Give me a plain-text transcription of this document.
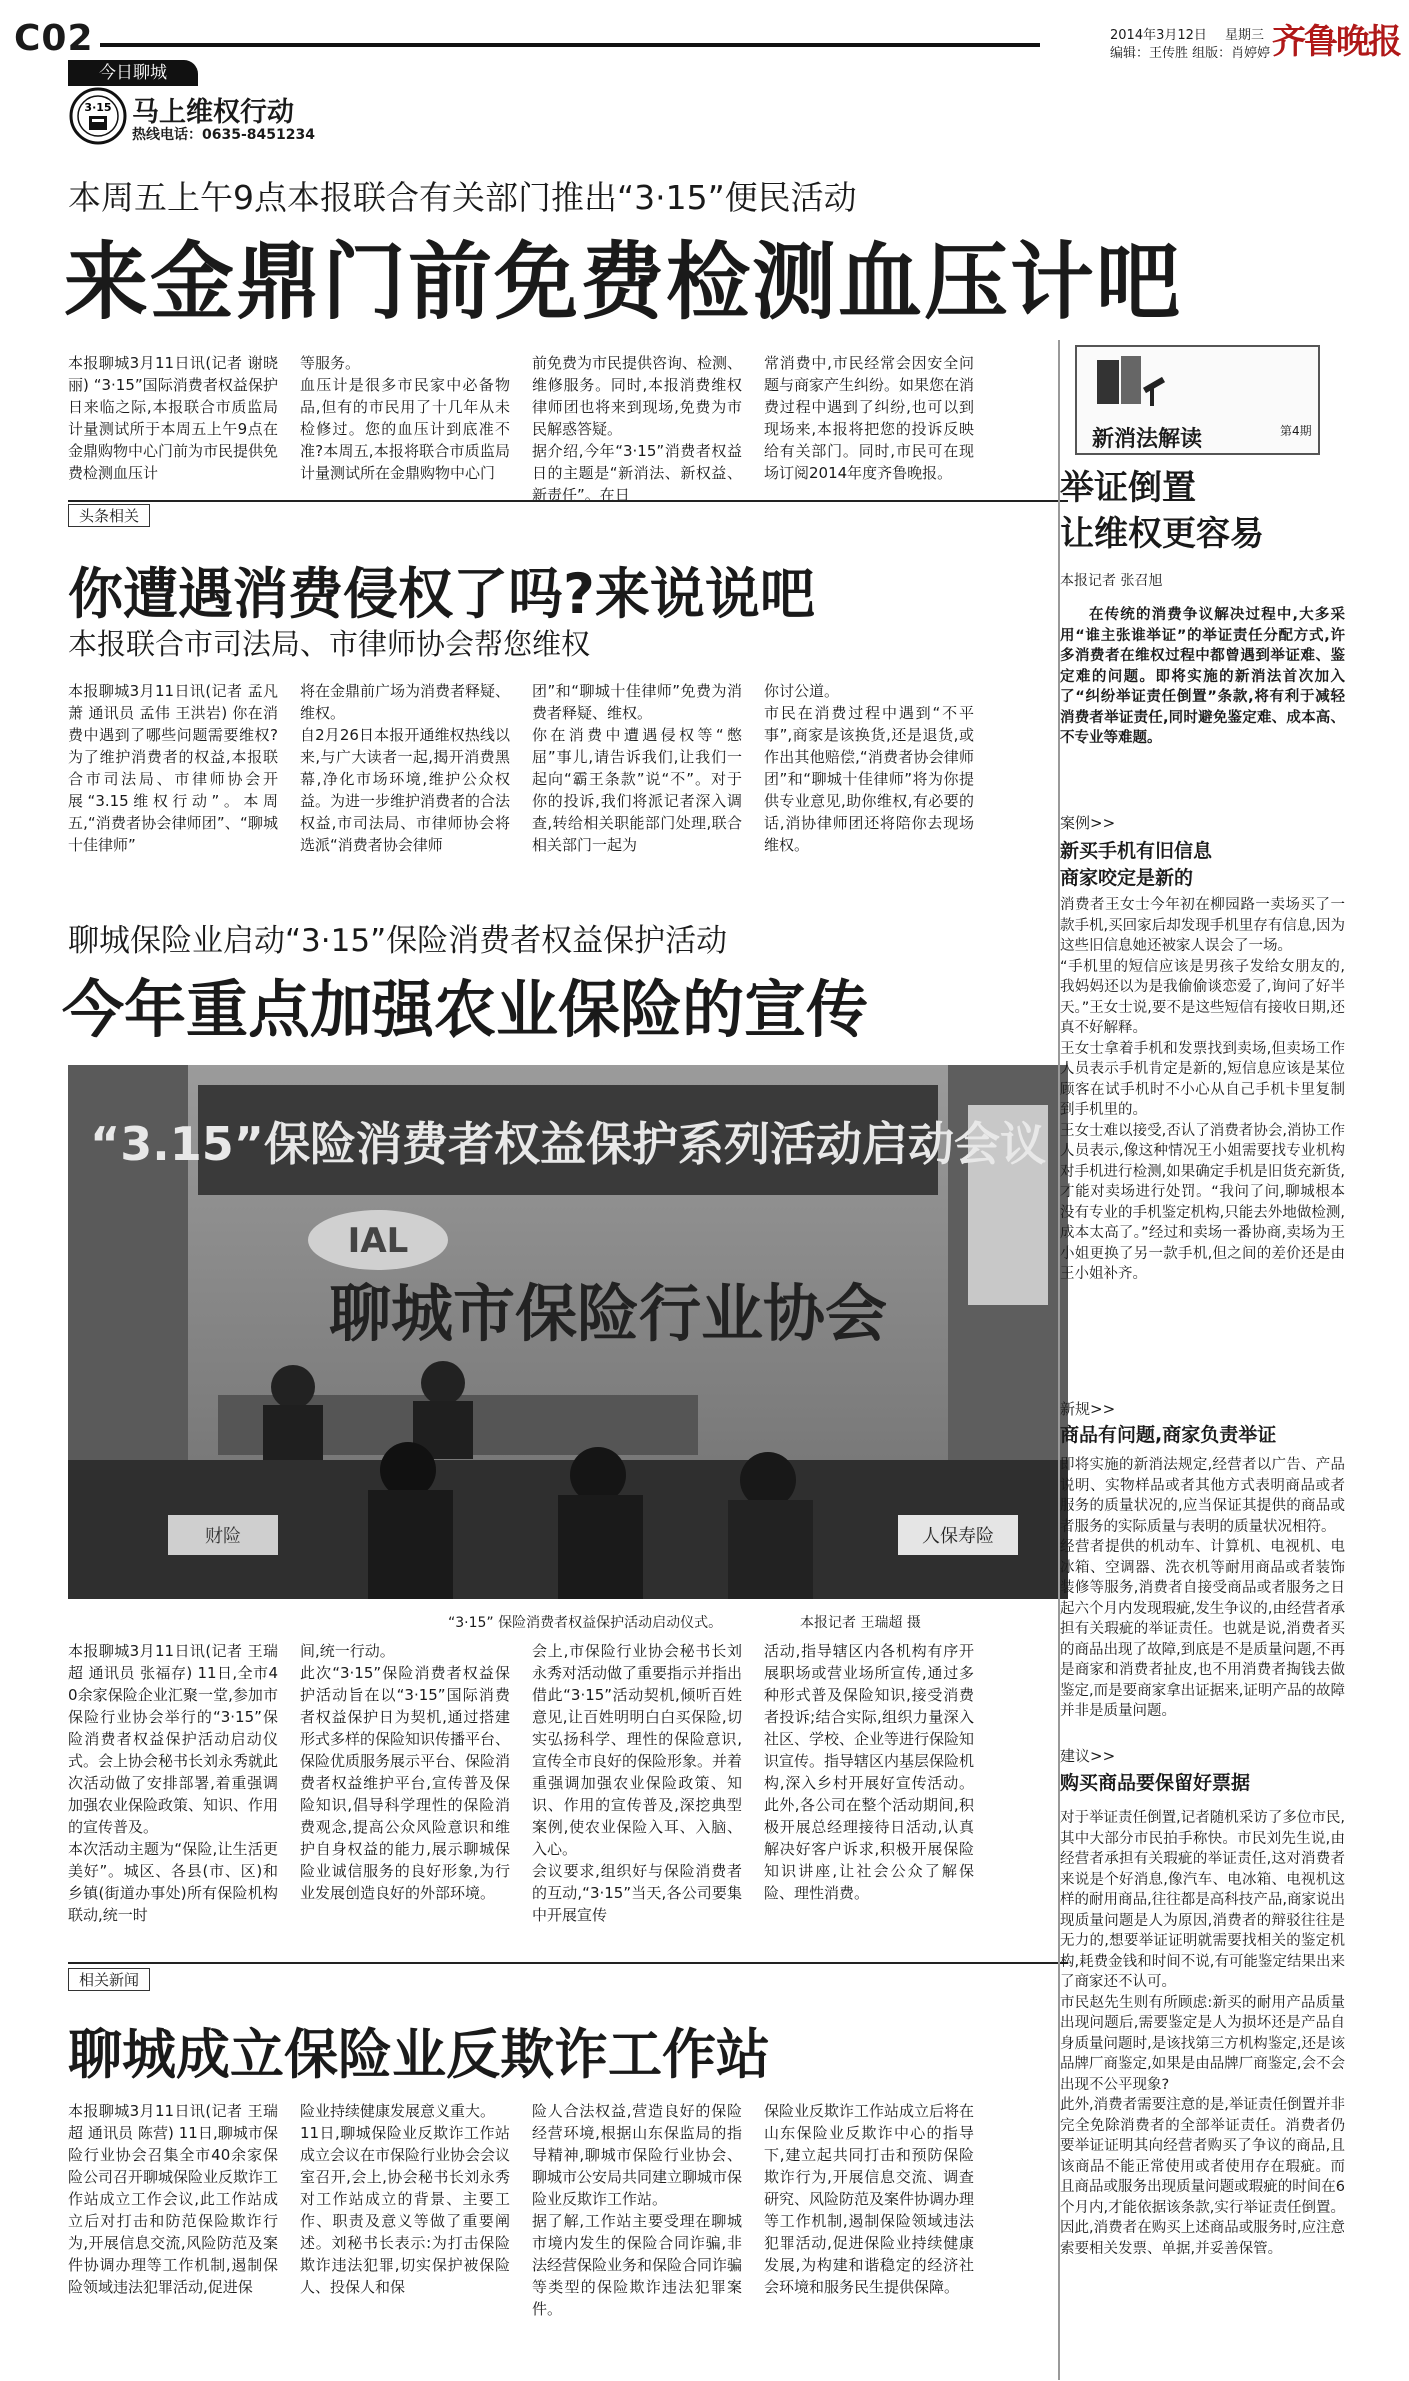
C02	2014年3月12日 星期三
编辑：王传胜 组版：肖婷婷 齐鲁晚报
今日聊城
3·15 马上维权行动
热线电话：0635-8451234
本周五上午9点本报联合有关部门推出“3·15”便民活动
来金鼎门前免费检测血压计吧
本报聊城3月11日讯(记者 谢晓丽) “3·15”国际消费者权益保护日来临之际,本报联合市质监局计量测试所于本周五上午9点在金鼎购物中心门前为市民提供免费检测血压计
等服务。
血压计是很多市民家中必备物品,但有的市民用了十几年从未检修过。您的血压计到底准不准?本周五,本报将联合市质监局计量测试所在金鼎购物中心门
前免费为市民提供咨询、检测、维修服务。同时,本报消费维权律师团也将来到现场,免费为市民解惑答疑。
据介绍,今年“3·15”消费者权益日的主题是“新消法、新权益、新责任”。在日
常消费中,市民经常会因安全问题与商家产生纠纷。如果您在消费过程中遇到了纠纷,也可以到现场来,本报将把您的投诉反映给有关部门。同时,市民可在现场订阅2014年度齐鲁晚报。
头条相关
你遭遇消费侵权了吗?来说说吧
本报联合市司法局、市律师协会帮您维权
本报聊城3月11日讯(记者 孟凡萧 通讯员 孟伟 王洪岩) 你在消费中遇到了哪些问题需要维权?为了维护消费者的权益,本报联合市司法局、市律师协会开展“3.15维权行动”。本周五,“消费者协会律师团”、“聊城十佳律师”
将在金鼎前广场为消费者释疑、维权。
自2月26日本报开通维权热线以来,与广大读者一起,揭开消费黑幕,净化市场环境,维护公众权益。为进一步维护消费者的合法权益,市司法局、市律师协会将选派“消费者协会律师
团”和“聊城十佳律师”免费为消费者释疑、维权。
你在消费中遭遇侵权等“憋屈”事儿,请告诉我们,让我们一起向“霸王条款”说“不”。对于你的投诉,我们将派记者深入调查,转给相关职能部门处理,联合相关部门一起为
你讨公道。
市民在消费过程中遇到“不平事”,商家是该换货,还是退货,或作出其他赔偿,“消费者协会律师团”和“聊城十佳律师”将为你提供专业意见,助你维权,有必要的话,消协律师团还将陪你去现场维权。
聊城保险业启动“3·15”保险消费者权益保护活动
今年重点加强农业保险的宣传
“3.15”保险消费者权益保护系列活动启动会议
IAL
聊城市保险行业协会
财险	人保寿险
“3·15” 保险消费者权益保护活动启动仪式。	本报记者 王瑞超 摄
本报聊城3月11日讯(记者 王瑞超 通讯员 张福存) 11日,全市40余家保险企业汇聚一堂,参加市保险行业协会举行的“3·15”保险消费者权益保护活动启动仪式。会上协会秘书长刘永秀就此次活动做了安排部署,着重强调加强农业保险政策、知识、作用的宣传普及。
本次活动主题为“保险,让生活更美好”。城区、各县(市、区)和乡镇(街道办事处)所有保险机构联动,统一时
间,统一行动。
此次“3·15”保险消费者权益保护活动旨在以“3·15”国际消费者权益保护日为契机,通过搭建形式多样的保险知识传播平台、保险优质服务展示平台、保险消费者权益维护平台,宣传普及保险知识,倡导科学理性的保险消费观念,提高公众风险意识和维护自身权益的能力,展示聊城保险业诚信服务的良好形象,为行业发展创造良好的外部环境。
会上,市保险行业协会秘书长刘永秀对活动做了重要指示并指出借此“3·15”活动契机,倾听百姓意见,让百姓明明白白买保险,切实弘扬科学、理性的保险意识,宣传全市良好的保险形象。并着重强调加强农业保险政策、知识、作用的宣传普及,深挖典型案例,使农业保险入耳、入脑、入心。
会议要求,组织好与保险消费者的互动,“3·15”当天,各公司要集中开展宣传
活动,指导辖区内各机构有序开展职场或营业场所宣传,通过多种形式普及保险知识,接受消费者投诉;结合实际,组织力量深入社区、学校、企业等进行保险知识宣传。指导辖区内基层保险机构,深入乡村开展好宣传活动。此外,各公司在整个活动期间,积极开展总经理接待日活动,认真解决好客户诉求,积极开展保险知识讲座,让社会公众了解保险、理性消费。
相关新闻
聊城成立保险业反欺诈工作站
本报聊城3月11日讯(记者 王瑞超 通讯员 陈营) 11日,聊城市保险行业协会召集全市40余家保险公司召开聊城保险业反欺诈工作站成立工作会议,此工作站成立后对打击和防范保险欺诈行为,开展信息交流,风险防范及案件协调办理等工作机制,遏制保险领域违法犯罪活动,促进保
险业持续健康发展意义重大。
11日,聊城保险业反欺诈工作站成立会议在市保险行业协会会议室召开,会上,协会秘书长刘永秀对工作站成立的背景、主要工作、职责及意义等做了重要阐述。刘秘书长表示:为打击保险欺诈违法犯罪,切实保护被保险人、投保人和保
险人合法权益,营造良好的保险经营环境,根据山东保监局的指导精神,聊城市保险行业协会、聊城市公安局共同建立聊城市保险业反欺诈工作站。
据了解,工作站主要受理在聊城市境内发生的保险合同诈骗,非法经营保险业务和保险合同诈骗等类型的保险欺诈违法犯罪案件。
保险业反欺诈工作站成立后将在山东保险业反欺诈中心的指导下,建立起共同打击和预防保险欺诈行为,开展信息交流、调查研究、风险防范及案件协调办理等工作机制,遏制保险领域违法犯罪活动,促进保险业持续健康发展,为构建和谐稳定的经济社会环境和服务民生提供保障。
新消法解读	第4期
举证倒置
让维权更容易
本报记者 张召旭
在传统的消费争议解决过程中,大多采用“谁主张谁举证”的举证责任分配方式,许多消费者在维权过程中都曾遇到举证难、鉴定难的问题。即将实施的新消法首次加入了“纠纷举证责任倒置”条款,将有利于减轻消费者举证责任,同时避免鉴定难、成本高、不专业等难题。
案例>>
新买手机有旧信息
商家咬定是新的
消费者王女士今年初在柳园路一卖场买了一款手机,买回家后却发现手机里存有信息,因为这些旧信息她还被家人误会了一场。
“手机里的短信应该是男孩子发给女朋友的,我妈妈还以为是我偷偷谈恋爱了,询问了好半天。”王女士说,要不是这些短信有接收日期,还真不好解释。
王女士拿着手机和发票找到卖场,但卖场工作人员表示手机肯定是新的,短信息应该是某位顾客在试手机时不小心从自己手机卡里复制到手机里的。
王女士难以接受,否认了消费者协会,消协工作人员表示,像这种情况王小姐需要找专业机构对手机进行检测,如果确定手机是旧货充新货,才能对卖场进行处罚。“我问了问,聊城根本没有专业的手机鉴定机构,只能去外地做检测,成本太高了。”经过和卖场一番协商,卖场为王小姐更换了另一款手机,但之间的差价还是由王小姐补齐。
新规>>
商品有问题,商家负责举证
即将实施的新消法规定,经营者以广告、产品说明、实物样品或者其他方式表明商品或者服务的质量状况的,应当保证其提供的商品或者服务的实际质量与表明的质量状况相符。
经营者提供的机动车、计算机、电视机、电冰箱、空调器、洗衣机等耐用商品或者装饰装修等服务,消费者自接受商品或者服务之日起六个月内发现瑕疵,发生争议的,由经营者承担有关瑕疵的举证责任。也就是说,消费者买的商品出现了故障,到底是不是质量问题,不再是商家和消费者扯皮,也不用消费者掏钱去做鉴定,而是要商家拿出证据来,证明产品的故障并非是质量问题。
建议>>
购买商品要保留好票据
对于举证责任倒置,记者随机采访了多位市民,其中大部分市民拍手称快。市民刘先生说,由经营者承担有关瑕疵的举证责任,这对消费者来说是个好消息,像汽车、电冰箱、电视机这样的耐用商品,往往都是高科技产品,商家说出现质量问题是人为原因,消费者的辩驳往往是无力的,想要举证证明就需要找相关的鉴定机构,耗费金钱和时间不说,有可能鉴定结果出来了商家还不认可。
市民赵先生则有所顾虑:新买的耐用产品质量出现问题后,需要鉴定是人为损坏还是产品自身质量问题时,是该找第三方机构鉴定,还是该品牌厂商鉴定,如果是由品牌厂商鉴定,会不会出现不公平现象?
此外,消费者需要注意的是,举证责任倒置并非完全免除消费者的全部举证责任。消费者仍要举证证明其向经营者购买了争议的商品,且该商品不能正常使用或者使用存在瑕疵。而且商品或服务出现质量问题或瑕疵的时间在6个月内,才能依据该条款,实行举证责任倒置。因此,消费者在购买上述商品或服务时,应注意索要相关发票、单据,并妥善保管。
